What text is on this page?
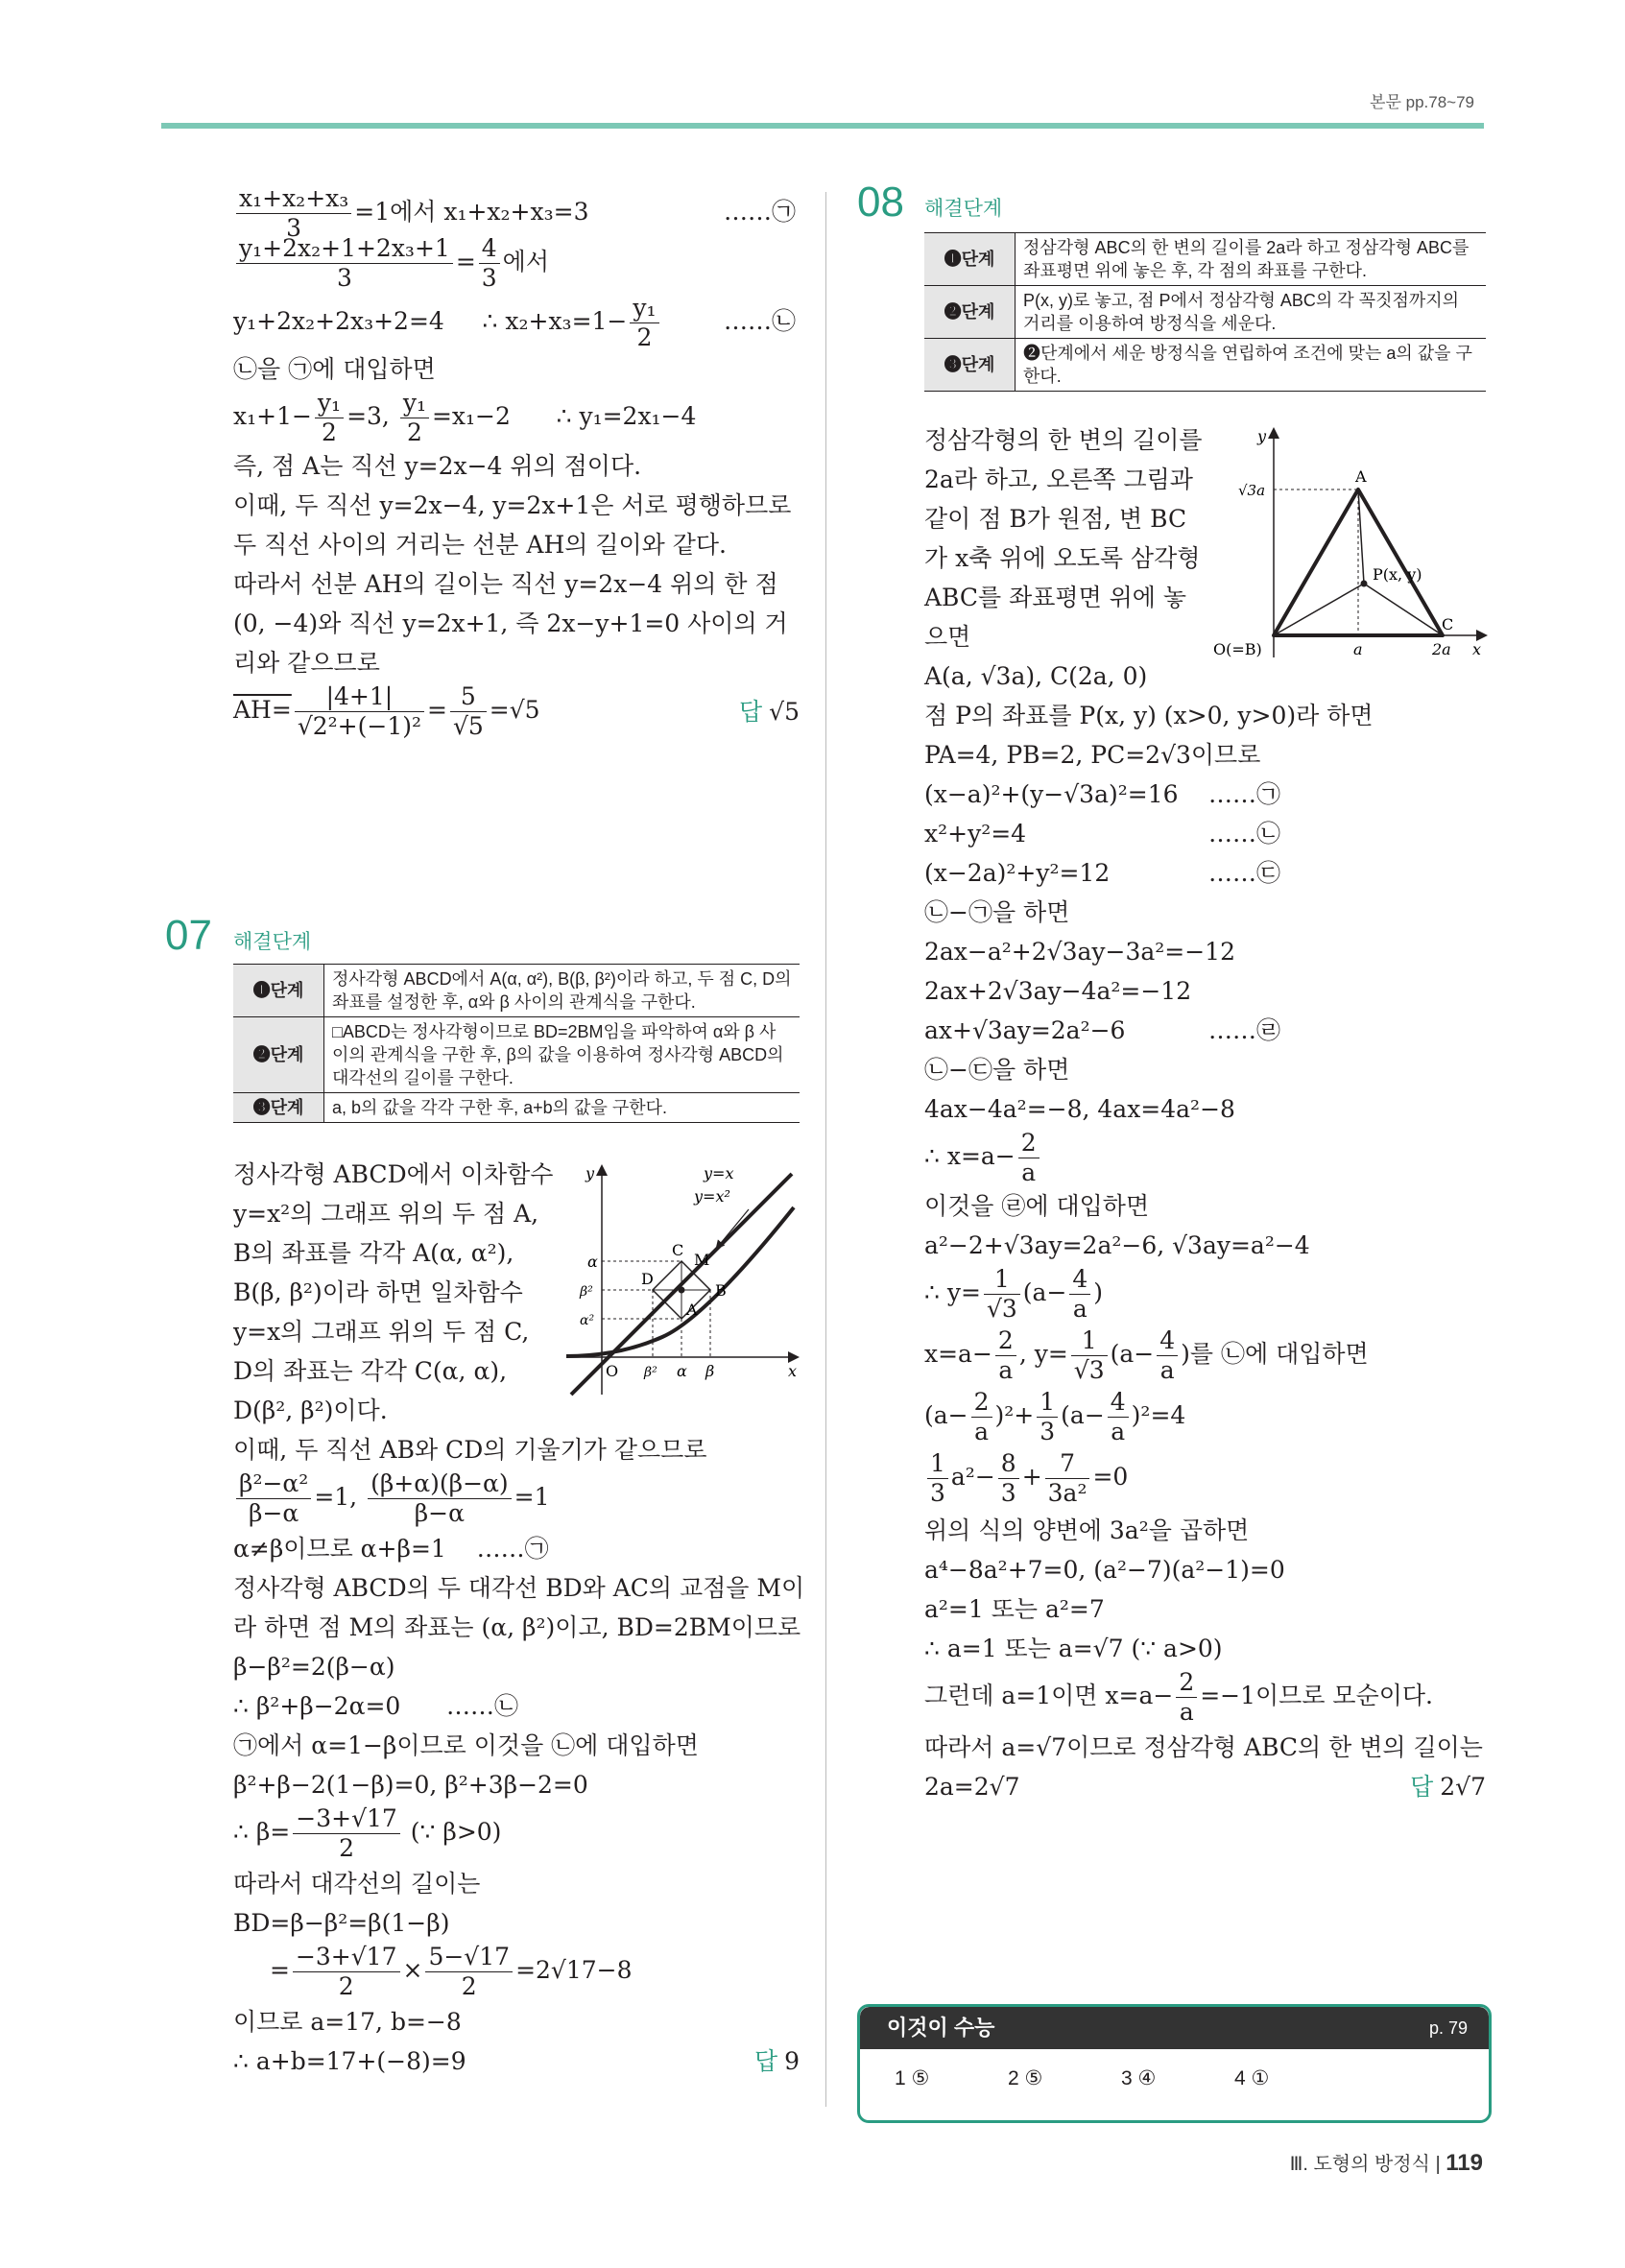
본문 pp.78~79
$\frac{\text{x₁+x₂+x₃}}{3} =1$에서 x₁+x₂+x₃=3	……㉠
$\frac{\text{y₁+2x₂+1+2x₃+1}}{3} = \frac{4}{3}$ 에서
y₁+2x₂+2x₃+2=4     ∴ $x_2+x_3=1- \frac{\text{y₁}}{2}$	……㉡
㉡을 ㉠에 대입하면
$x_1+1- \frac{\text{y₁}}{2} =3$, $\frac{\text{y₁}}{2} =x_1-2$      ∴ y₁=2x₁−4
즉, 점 A는 직선 y=2x−4 위의 점이다.
이때, 두 직선 y=2x−4, y=2x+1은 서로 평행하므로
두 직선 사이의 거리는 선분 AH의 길이와 같다.
따라서 선분 AH의 길이는 직선 y=2x−4 위의 한 점
(0, −4)와 직선 y=2x+1, 즉 2x−y+1=0 사이의 거
리와 같으므로
$AH= \frac{|4+1|}{\text{√2²+(−1)²}} = \frac{5}{√5} =√5$	답 √5
07 해결단계
❶단계	정사각형 ABCD에서 A(α, α²), B(β, β²)이라 하고, 두 점 C, D의 좌표를 설정한 후, α와 β 사이의 관계식을 구한다.
❷단계	□ABCD는 정사각형이므로 BD=2BM임을 파악하여 α와 β 사이의 관계식을 구한 후, β의 값을 이용하여 정사각형 ABCD의 대각선의 길이를 구한다.
❸단계	a, b의 값을 각각 구한 후, a+b의 값을 구한다.
정사각형 ABCD에서 이차함수
y=x²의 그래프 위의 두 점 A,
B의 좌표를 각각 A(α, α²),
B(β, β²)이라 하면 일차함수
y=x의 그래프 위의 두 점 C,
D의 좌표는 각각 C(α, α),
D(β², β²)이다.
이때, 두 직선 AB와 CD의 기울기가 같으므로
$\frac{\text{β²−α²}}{\beta-\alpha} =1$, $\frac{(\beta+\alpha)(\beta-\alpha)}{\beta-\alpha} =1$
α≠β이므로 α+β=1 ……㉠
정사각형 ABCD의 두 대각선 BD와 AC의 교점을 M이
라 하면 점 M의 좌표는 (α, β²)이고, BD=2BM이므로
β−β²=2(β−α)
∴ β²+β−2α=0 ……㉡
㉠에서 α=1−β이므로 이것을 ㉡에 대입하면
β²+β−2(1−β)=0, β²+3β−2=0
∴ $\beta= \frac{-3+√17}{2}$ (∵ β>0)
따라서 대각선의 길이는
BD=β−β²=β(1−β)
= $\frac{-3+√17}{2} \times \frac{5-√17}{2} =2√17-8$
이므로 a=17, b=−8
∴ a+b=17+(−8)=9	답 9
y
x
O
y=x
y=x²
A
B
C
D
M
α β
β²
α
β²
α²
08 해결단계
❶단계	정삼각형 ABC의 한 변의 길이를 2a라 하고 정삼각형 ABC를 좌표평면 위에 놓은 후, 각 점의 좌표를 구한다.
❷단계	P(x, y)로 놓고, 점 P에서 정삼각형 ABC의 각 꼭짓점까지의 거리를 이용하여 방정식을 세운다.
❸단계	❷단계에서 세운 방정식을 연립하여 조건에 맞는 a의 값을 구한다.
정삼각형의 한 변의 길이를
2a라 하고, 오른쪽 그림과
같이 점 B가 원점, 변 BC
가 x축 위에 오도록 삼각형
ABC를 좌표평면 위에 놓
으면
A(a, √3a), C(2a, 0)
점 P의 좌표를 P(x, y) (x>0, y>0)라 하면
PA=4, PB=2, PC=2√3이므로
(x−a)²+(y−√3a)²=16 ……㉠
x²+y²=4	……㉡
(x−2a)²+y²=12	……㉢
㉡−㉠을 하면
2ax−a²+2√3ay−3a²=−12
2ax+2√3ay−4a²=−12
ax+√3ay=2a²−6	……㉣
㉡−㉢을 하면
4ax−4a²=−8, 4ax=4a²−8
∴ $x=a- \frac{2}{a}$
이것을 ㉣에 대입하면
a²−2+√3ay=2a²−6, √3ay=a²−4
∴ $y= \frac{1}{√3} (a- \frac{4}{a}$ )
$x=a- \frac{2}{a}$ , $y= \frac{1}{√3} (a- \frac{4}{a}$ )를 ㉡에 대입하면
$(a- \frac{2}{a} )^2+ \frac{1}{3} (a- \frac{4}{a} )^2=4$
$\frac{1}{3} a^2- \frac{8}{3} + \frac{7}{\text{3a²}} =0$
위의 식의 양변에 3a²을 곱하면
a⁴−8a²+7=0, (a²−7)(a²−1)=0
a²=1 또는 a²=7
∴ a=1 또는 a=√7 (∵ a>0)
그런데 a=1이면 $x=a- \frac{2}{a} =-1$이므로 모순이다.
따라서 a=√7이므로 정삼각형 ABC의 한 변의 길이는
2a=2√7	답 2√7
y
x
O(=B)
A
C
P(x, y)
√3a
a	2a
이것이 수능	p. 79
1 ⑤	2 ⑤	3 ④	4 ①
Ⅲ. 도형의 방정식 | 119
